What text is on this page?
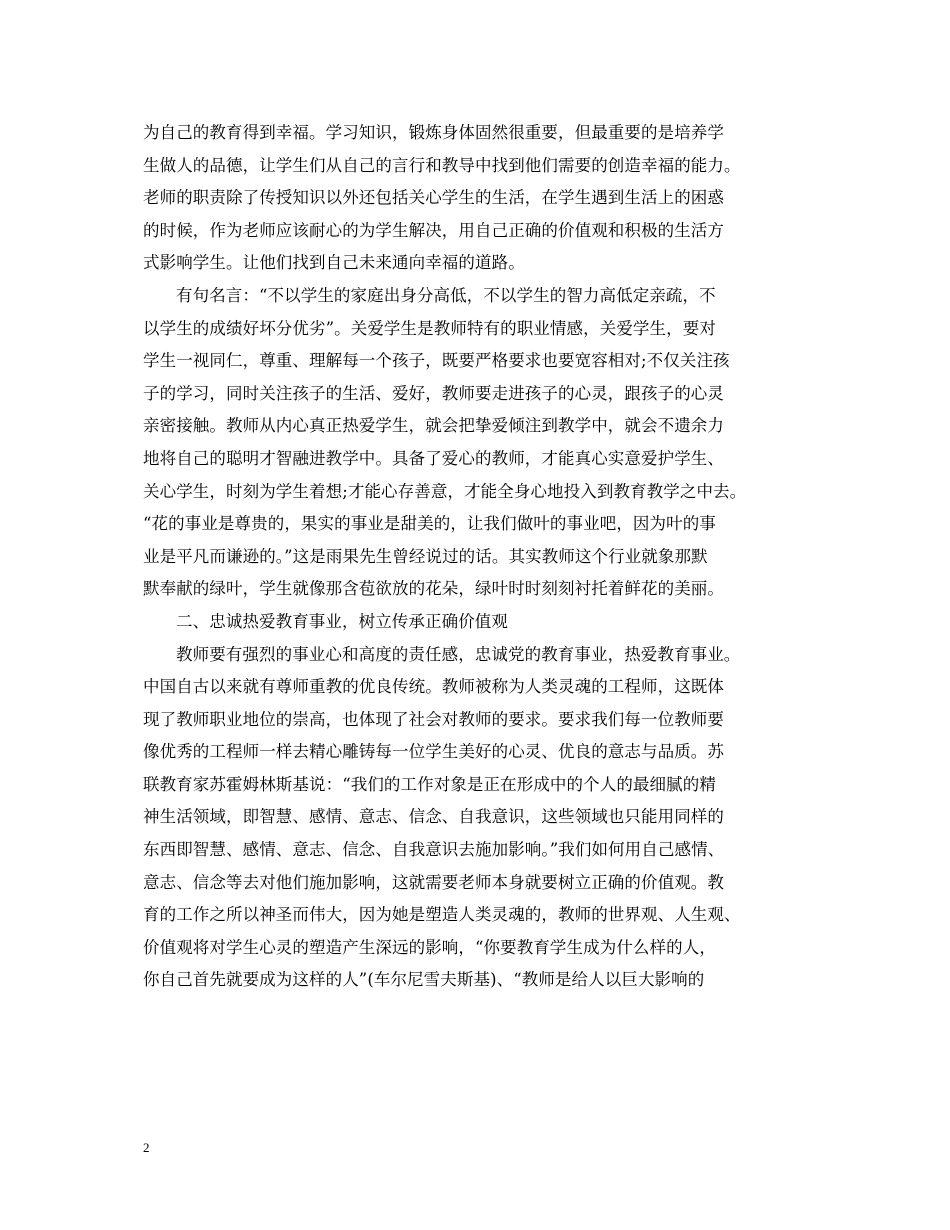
为自己的教育得到幸福。学习知识，锻炼身体固然很重要，但最重要的是培养学
生做人的品德，让学生们从自己的言行和教导中找到他们需要的创造幸福的能力。
老师的职责除了传授知识以外还包括关心学生的生活，在学生遇到生活上的困惑
的时候，作为老师应该耐心的为学生解决，用自己正确的价值观和积极的生活方
式影响学生。让他们找到自己未来通向幸福的道路。
有句名言：“不以学生的家庭出身分高低，不以学生的智力高低定亲疏，不
以学生的成绩好坏分优劣”。关爱学生是教师特有的职业情感，关爱学生，要对
学生一视同仁，尊重、理解每一个孩子，既要严格要求也要宽容相对;不仅关注孩
子的学习，同时关注孩子的生活、爱好，教师要走进孩子的心灵，跟孩子的心灵
亲密接触。教师从内心真正热爱学生，就会把挚爱倾注到教学中，就会不遗余力
地将自己的聪明才智融进教学中。具备了爱心的教师，才能真心实意爱护学生、
关心学生，时刻为学生着想;才能心存善意，才能全身心地投入到教育教学之中去。
“花的事业是尊贵的，果实的事业是甜美的，让我们做叶的事业吧，因为叶的事
业是平凡而谦逊的。”这是雨果先生曾经说过的话。其实教师这个行业就象那默
默奉献的绿叶，学生就像那含苞欲放的花朵，绿叶时时刻刻衬托着鲜花的美丽。
二、忠诚热爱教育事业，树立传承正确价值观
教师要有强烈的事业心和高度的责任感，忠诚党的教育事业，热爱教育事业。
中国自古以来就有尊师重教的优良传统。教师被称为人类灵魂的工程师，这既体
现了教师职业地位的崇高，也体现了社会对教师的要求。要求我们每一位教师要
像优秀的工程师一样去精心雕铸每一位学生美好的心灵、优良的意志与品质。苏
联教育家苏霍姆林斯基说：“我们的工作对象是正在形成中的个人的最细腻的精
神生活领域，即智慧、感情、意志、信念、自我意识，这些领域也只能用同样的
东西即智慧、感情、意志、信念、自我意识去施加影响。”我们如何用自己感情、
意志、信念等去对他们施加影响，这就需要老师本身就要树立正确的价值观。教
育的工作之所以神圣而伟大，因为她是塑造人类灵魂的，教师的世界观、人生观、
价值观将对学生心灵的塑造产生深远的影响，“你要教育学生成为什么样的人，
你自己首先就要成为这样的人”(车尔尼雪夫斯基)、“教师是给人以巨大影响的
2
